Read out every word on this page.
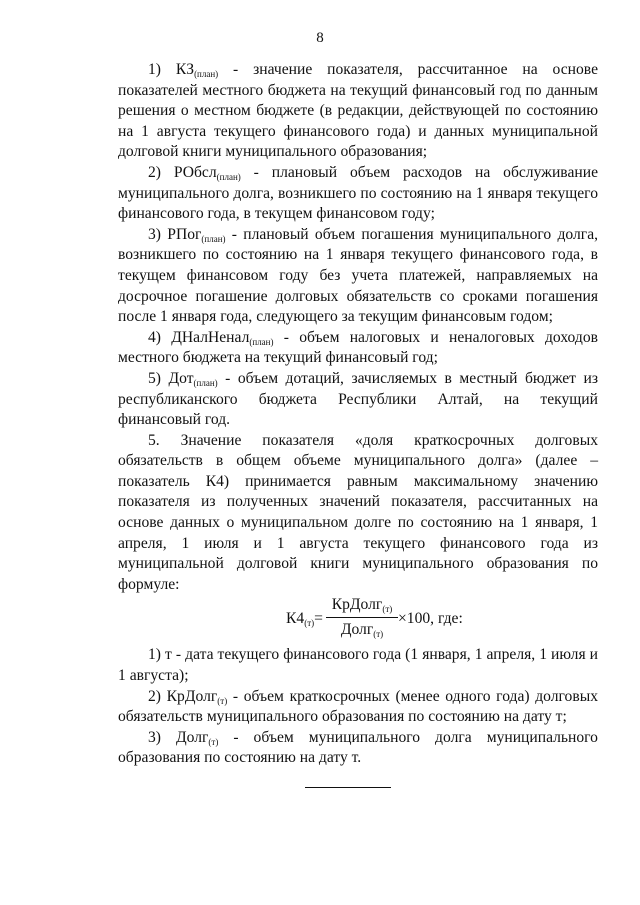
8

1) $КЗ_{(план)}$ - значение показателя, рассчитанное на основе показателей местного бюджета на текущий финансовый год по данным решения о местном бюджете (в редакции, действующей по состоянию на 1 августа текущего финансового года) и данных муниципальной долговой книги муниципального образования;

2) РОбсл$_{(план)}$ - плановый объем расходов на обслуживание муниципального долга, возникшего по состоянию на 1 января текущего финансового года, в текущем финансовом году;

3) РПог$_{(план)}$ - плановый объем погашения муниципального долга, возникшего по состоянию на 1 января текущего финансового года, в текущем финансовом году без учета платежей, направляемых на досрочное погашение долговых обязательств со сроками погашения после 1 января года, следующего за текущим финансовым годом;

4) ДНалНенал$_{(план)}$ - объем налоговых и неналоговых доходов местного бюджета на текущий финансовый год;

5) Дот$_{(план)}$ - объем дотаций, зачисляемых в местный бюджет из республиканского бюджета Республики Алтай, на текущий финансовый год.

5. Значение показателя «доля краткосрочных долговых обязательств в общем объеме муниципального долга» (далее – показатель К4) принимается равным максимальному значению показателя из полученных значений показателя, рассчитанных на основе данных о муниципальном долге по состоянию на 1 января, 1 апреля, 1 июля и 1 августа текущего финансового года из муниципальной долговой книги муниципального образования по формуле:

$К4_{(т)}=$
КрДолг$_{(т)}$
Долг$_{(т)}$
×100, где:

1) т - дата текущего финансового года (1 января, 1 апреля, 1 июля и 1 августа);

2) КрДолг$_{(т)}$ - объем краткосрочных (менее одного года) долговых обязательств муниципального образования по состоянию на дату т;

3) Долг$_{(т)}$ - объем муниципального долга муниципального образования по состоянию на дату т.
